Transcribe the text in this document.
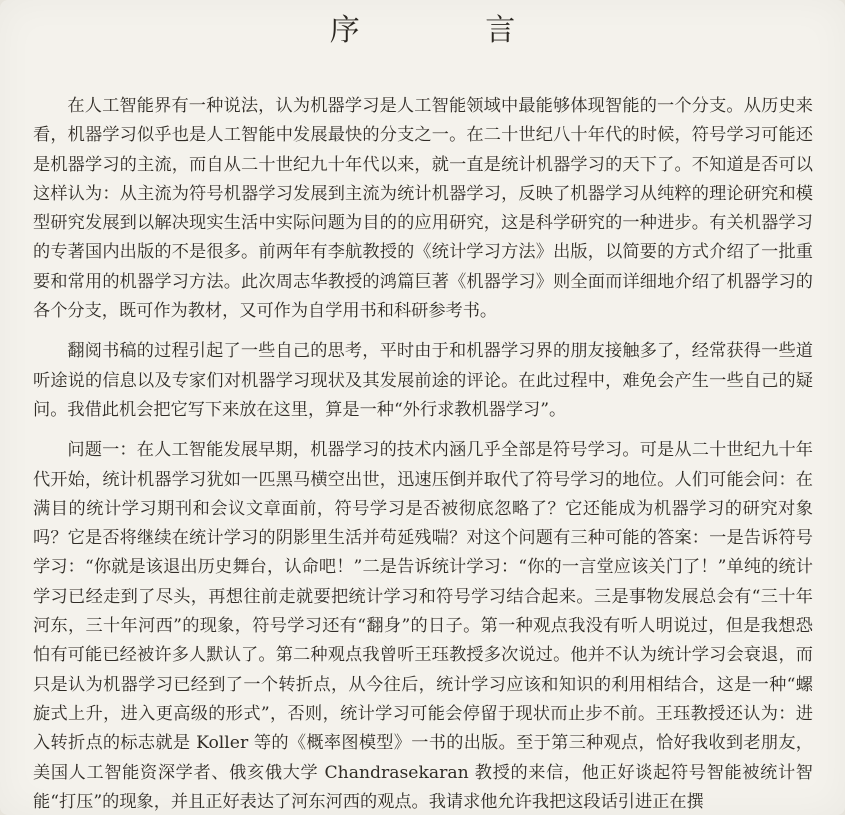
序 言

在人工智能界有一种说法，认为机器学习是人工智能领域中最能够体现智能的一个分支。从历史来看，机器学习似乎也是人工智能中发展最快的分支之一。在二十世纪八十年代的时候，符号学习可能还是机器学习的主流，而自从二十世纪九十年代以来，就一直是统计机器学习的天下了。不知道是否可以这样认为：从主流为符号机器学习发展到主流为统计机器学习，反映了机器学习从纯粹的理论研究和模型研究发展到以解决现实生活中实际问题为目的的应用研究，这是科学研究的一种进步。有关机器学习的专著国内出版的不是很多。前两年有李航教授的《统计学习方法》出版，以简要的方式介绍了一批重要和常用的机器学习方法。此次周志华教授的鸿篇巨著《机器学习》则全面而详细地介绍了机器学习的各个分支，既可作为教材，又可作为自学用书和科研参考书。

翻阅书稿的过程引起了一些自己的思考，平时由于和机器学习界的朋友接触多了，经常获得一些道听途说的信息以及专家们对机器学习现状及其发展前途的评论。在此过程中，难免会产生一些自己的疑问。我借此机会把它写下来放在这里，算是一种“外行求教机器学习”。

问题一：在人工智能发展早期，机器学习的技术内涵几乎全部是符号学习。可是从二十世纪九十年代开始，统计机器学习犹如一匹黑马横空出世，迅速压倒并取代了符号学习的地位。人们可能会问：在满目的统计学习期刊和会议文章面前，符号学习是否被彻底忽略了？它还能成为机器学习的研究对象吗？它是否将继续在统计学习的阴影里生活并苟延残喘？对这个问题有三种可能的答案：一是告诉符号学习：“你就是该退出历史舞台，认命吧！”二是告诉统计学习：“你的一言堂应该关门了！”单纯的统计学习已经走到了尽头，再想往前走就要把统计学习和符号学习结合起来。三是事物发展总会有“三十年河东，三十年河西”的现象，符号学习还有“翻身”的日子。第一种观点我没有听人明说过，但是我想恐怕有可能已经被许多人默认了。第二种观点我曾听王珏教授多次说过。他并不认为统计学习会衰退，而只是认为机器学习已经到了一个转折点，从今往后，统计学习应该和知识的利用相结合，这是一种“螺旋式上升，进入更高级的形式”，否则，统计学习可能会停留于现状而止步不前。王珏教授还认为：进入转折点的标志就是 Koller 等的《概率图模型》一书的出版。至于第三种观点，恰好我收到老朋友，美国人工智能资深学者、俄亥俄大学 Chandrasekaran 教授的来信，他正好谈起符号智能被统计智能“打压”的现象，并且正好表达了河东河西的观点。我请求他允许我把这段话引进正在撰
